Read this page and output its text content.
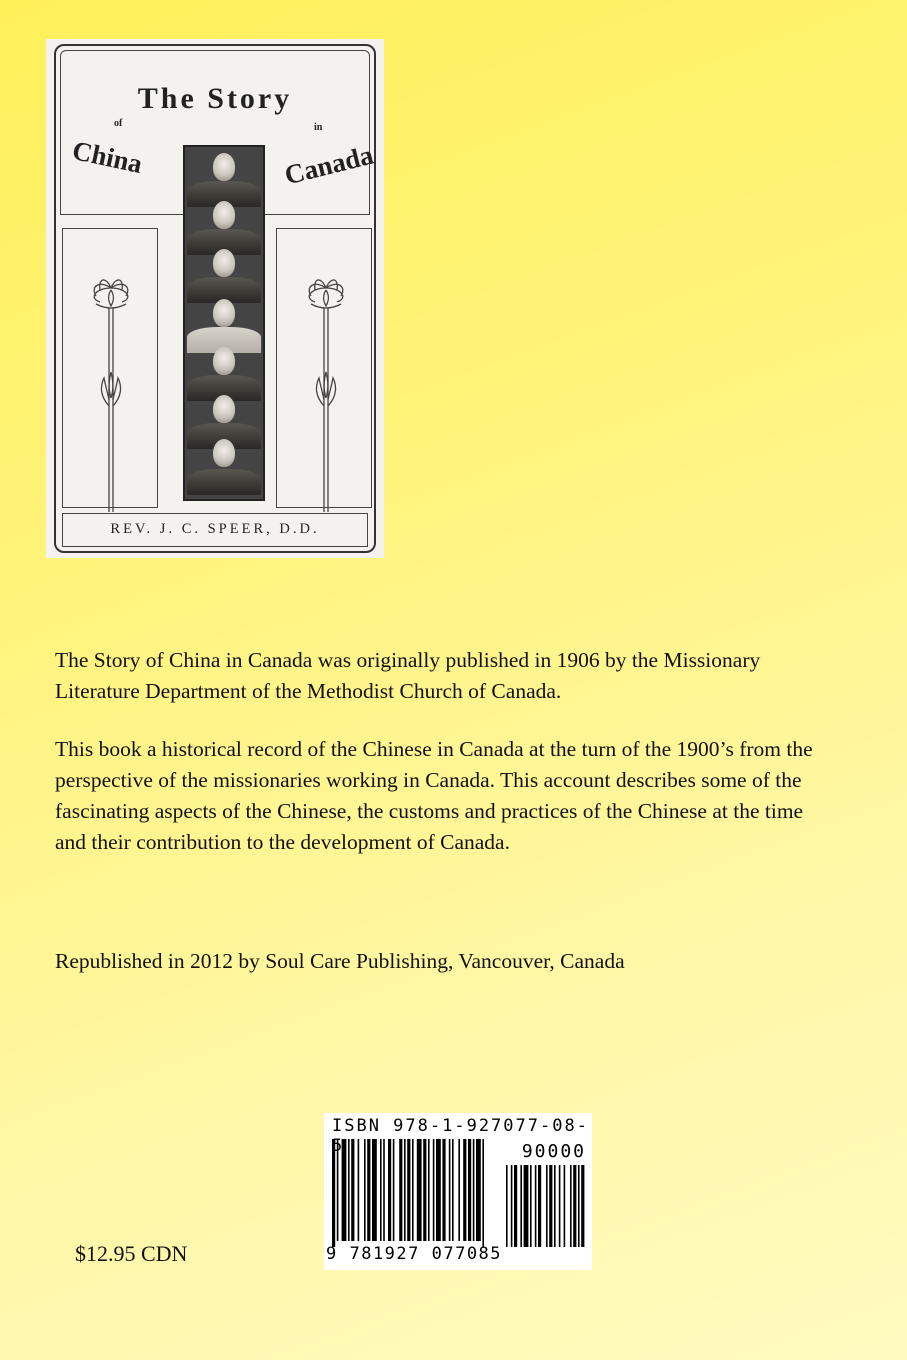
The Story
of	in
China	Canada
REV. J. C. SPEER, D.D.

The Story of China in Canada was originally published in 1906 by the Missionary Literature Department of the Methodist Church of Canada.

This book a historical record of the Chinese in Canada at the turn of the 1900’s from the perspective of the missionaries working in Canada. This account describes some of the fascinating aspects of the Chinese, the customs and practices of the Chinese at the time and their contribution to the development of Canada.

Republished in 2012 by Soul Care Publishing, Vancouver, Canada

$12.95 CDN
ISBN 978-1-927077-08-
90000
9 781927 077085
